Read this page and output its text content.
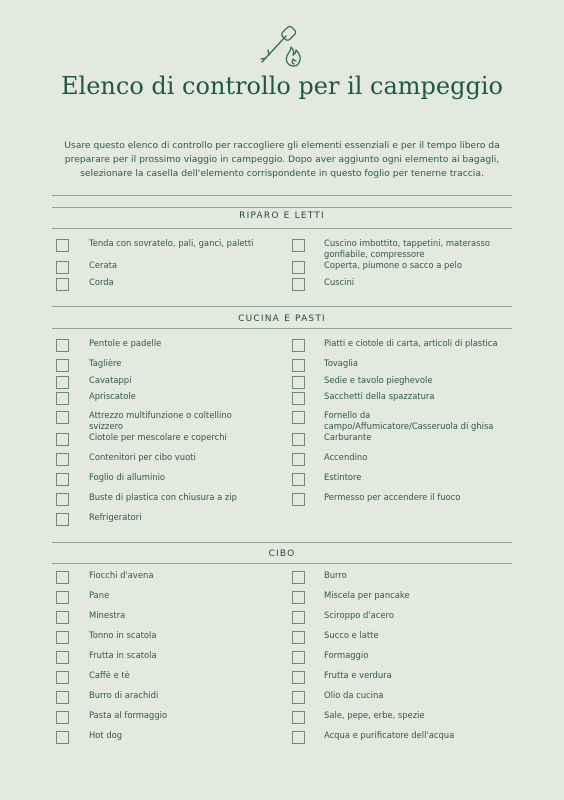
Elenco di controllo per il campeggio
Usare questo elenco di controllo per raccogliere gli elementi essenziali e per il tempo libero da preparare per il prossimo viaggio in campeggio. Dopo aver aggiunto ogni elemento ai bagagli, selezionare la casella dell'elemento corrispondente in questo foglio per tenerne traccia.
RIPARO E LETTI
Tenda con sovratelo, pali, ganci, paletti
Cerata
Corda
Cuscino imbottito, tappetini, materasso gonfiabile, compressore
Coperta, piumone o sacco a pelo
Cuscini
CUCINA E PASTI
Pentole e padelle
Taglière
Cavatappi
Apriscatole
Attrezzo multifunzione o coltellino svizzero
Ciotole per mescolare e coperchi
Contenitori per cibo vuoti
Foglio di alluminio
Buste di plastica con chiusura a zip
Refrigeratori
Piatti e ciotole di carta, articoli di plastica
Tovaglia
Sedie e tavolo pieghevole
Sacchetti della spazzatura
Fornello da campo/Affumicatore/Casseruola di ghisa
Carburante
Accendino
Estintore
Permesso per accendere il fuoco
CIBO
Fiocchi d'avena
Pane
Minestra
Tonno in scatola
Frutta in scatola
Caffè e tè
Burro di arachidi
Pasta al formaggio
Hot dog
Burro
Miscela per pancake
Sciroppo d'acero
Succo e latte
Formaggio
Frutta e verdura
Olio da cucina
Sale, pepe, erbe, spezie
Acqua e purificatore dell'acqua
